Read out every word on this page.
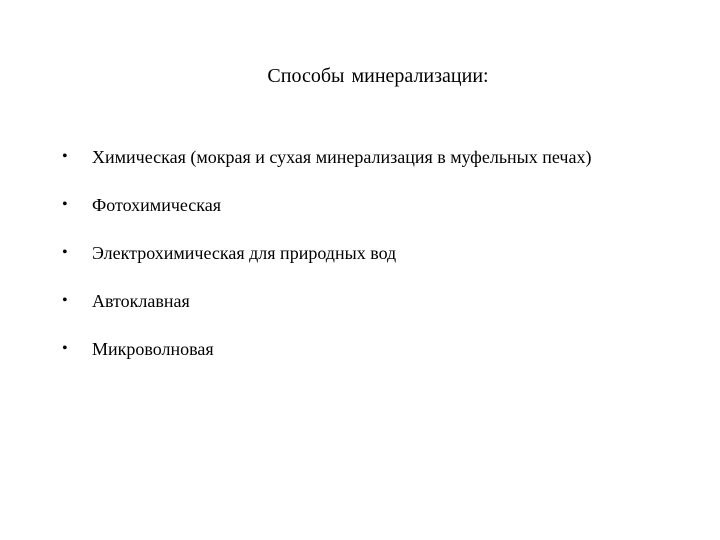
Способы минерализации:
•	Химическая (мокрая и сухая минерализация в муфельных печах)
•	Фотохимическая
•	Электрохимическая для природных вод
•	Автоклавная
•	Микроволновая
